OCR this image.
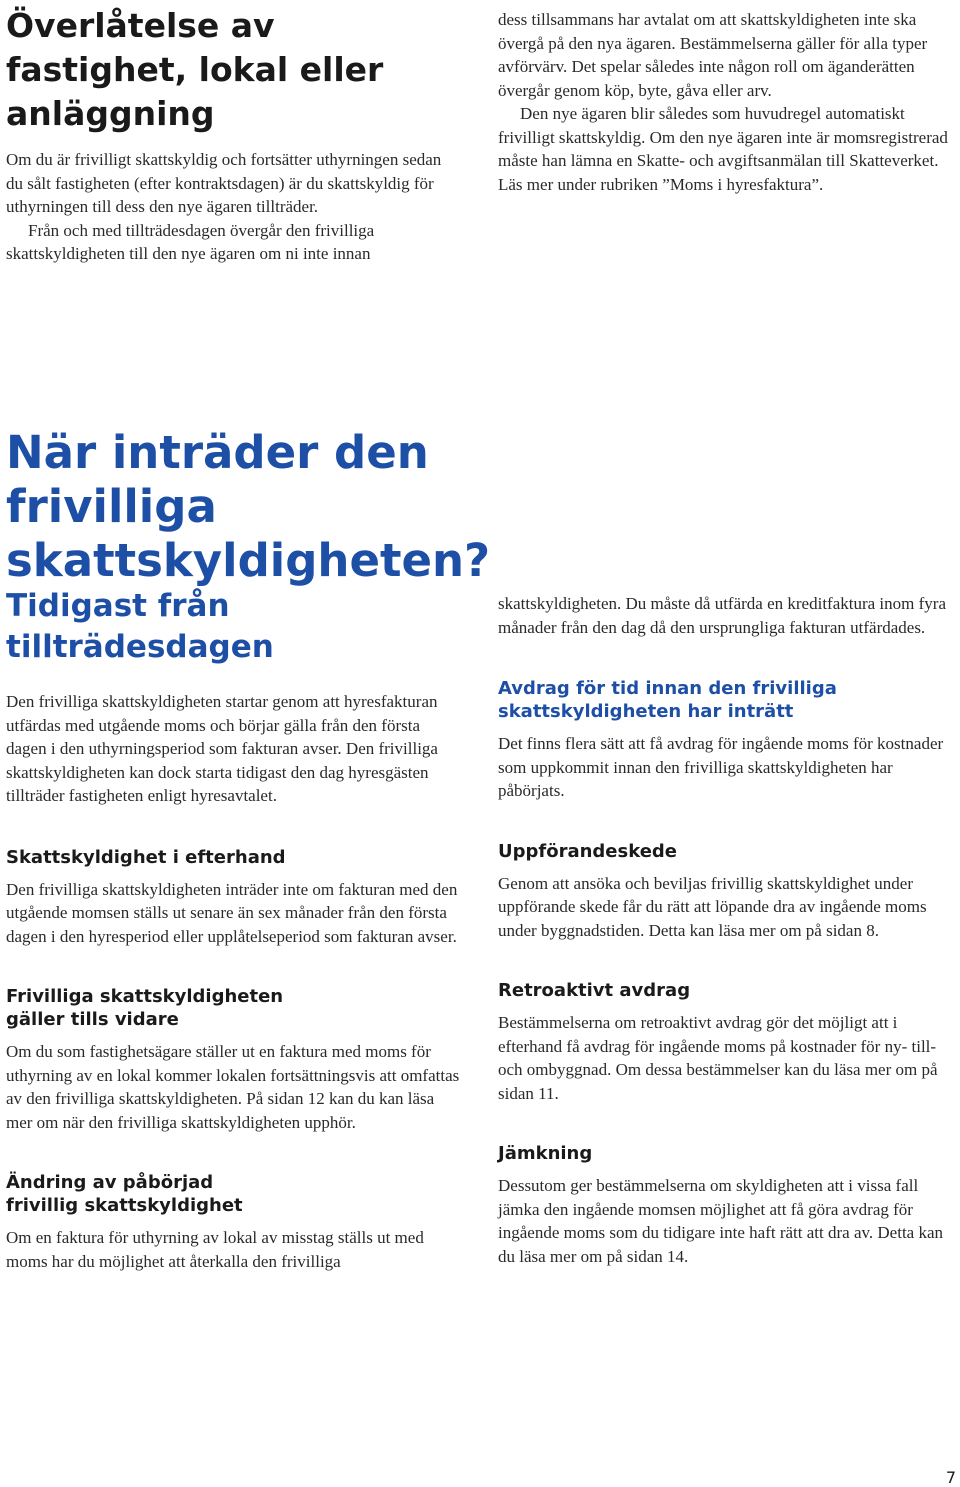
Överlåtelse av fastighet, lokal eller anläggning

Om du är frivilligt skattskyldig och fortsätter uthyrningen sedan du sålt fastigheten (efter kontraktsdagen) är du skattskyldig för uthyrningen till dess den nye ägaren tillträder.

Från och med tillträdesdagen övergår den frivilliga skattskyldigheten till den nye ägaren om ni inte innan

dess tillsammans har avtalat om att skattskyldigheten inte ska övergå på den nya ägaren. Bestämmelserna gäller för alla typer avförvärv. Det spelar således inte någon roll om äganderätten övergår genom köp, byte, gåva eller arv.

Den nye ägaren blir således som huvudregel automatiskt frivilligt skattskyldig. Om den nye ägaren inte är momsregistrerad måste han lämna en Skatte- och avgiftsanmälan till Skatteverket. Läs mer under rubriken ”Moms i hyresfaktura”.

När inträder den frivilliga skattskyldigheten?
Tidigast från tillträdesdagen
Den frivilliga skattskyldigheten startar genom att hyresfakturan utfärdas med utgående moms och börjar gälla från den första dagen i den uthyrningsperiod som fakturan avser. Den frivilliga skattskyldigheten kan dock starta tidigast den dag hyresgästen tillträder fastigheten enligt hyresavtalet.
Skattskyldighet i efterhand
Den frivilliga skattskyldigheten inträder inte om fakturan med den utgående momsen ställs ut senare än sex månader från den första dagen i den hyresperiod eller upplåtelseperiod som fakturan avser.
Frivilliga skattskyldigheten gäller tills vidare
Om du som fastighetsägare ställer ut en faktura med moms för uthyrning av en lokal kommer lokalen fortsättningsvis att omfattas av den frivilliga skattskyldigheten. På sidan 12 kan du kan läsa mer om när den frivilliga skattskyldigheten upphör.
Ändring av påbörjad frivillig skattskyldighet
Om en faktura för uthyrning av lokal av misstag ställs ut med moms har du möjlighet att återkalla den frivilliga
skattskyldigheten. Du måste då utfärda en kreditfaktura inom fyra månader från den dag då den ursprungliga fakturan utfärdades.
Avdrag för tid innan den frivilliga skattskyldigheten har inträtt
Det finns flera sätt att få avdrag för ingående moms för kostnader som uppkommit innan den frivilliga skattskyldigheten har påbörjats.
Uppförandeskede
Genom att ansöka och beviljas frivillig skattskyldighet under uppförande skede får du rätt att löpande dra av ingående moms under byggnadstiden. Detta kan läsa mer om på sidan 8.
Retroaktivt avdrag
Bestämmelserna om retroaktivt avdrag gör det möjligt att i efterhand få avdrag för ingående moms på kostnader för ny- till- och ombyggnad. Om dessa bestämmelser kan du läsa mer om på sidan 11.
Jämkning
Dessutom ger bestämmelserna om skyldigheten att i vissa fall jämka den ingående momsen möjlighet att få göra avdrag för ingående moms som du tidigare inte haft rätt att dra av. Detta kan du läsa mer om på sidan 14.
7
